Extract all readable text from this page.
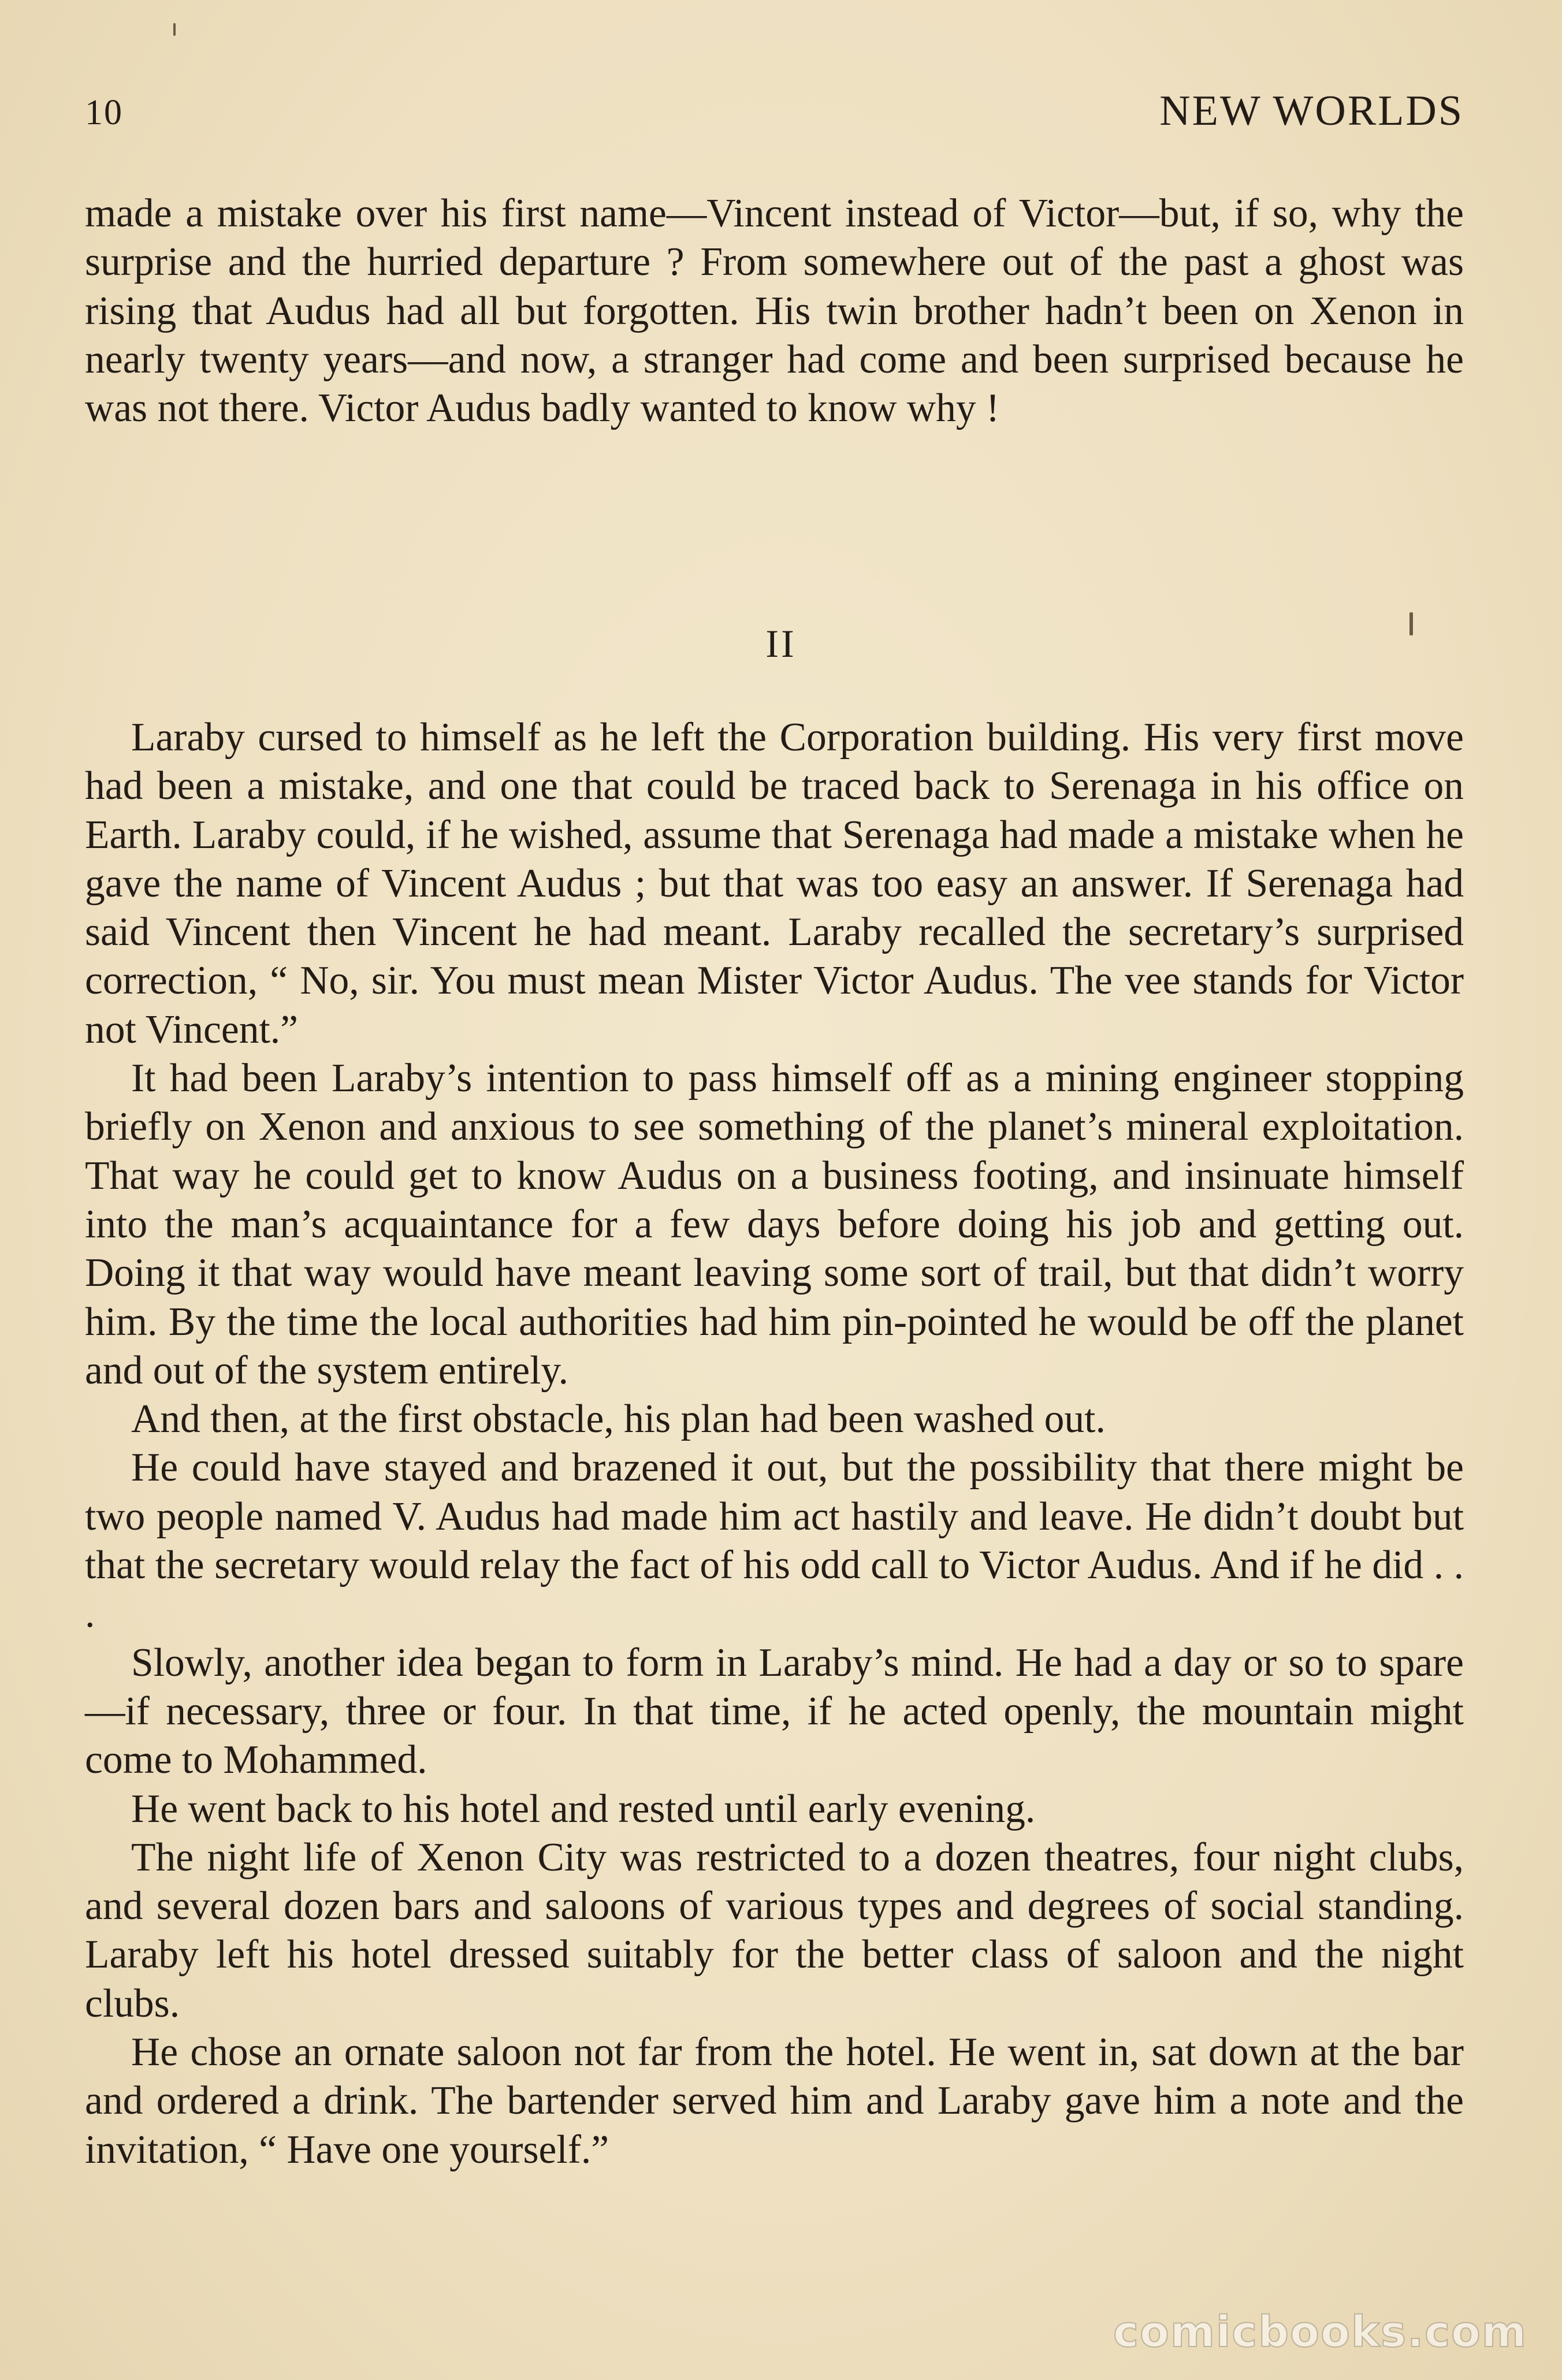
10	NEW WORLDS

made a mistake over his first name—Vincent instead of Victor—but, if so, why the surprise and the hurried departure ? From somewhere out of the past a ghost was rising that Audus had all but forgotten. His twin brother hadn’t been on Xenon in nearly twenty years—and now, a stranger had come and been surprised because he was not there. Victor Audus badly wanted to know why !

II

Laraby cursed to himself as he left the Corporation building. His very first move had been a mistake, and one that could be traced back to Serenaga in his office on Earth. Laraby could, if he wished, assume that Serenaga had made a mistake when he gave the name of Vincent Audus ; but that was too easy an answer. If Serenaga had said Vincent then Vincent he had meant. Laraby recalled the secretary’s surprised correction, “ No, sir. You must mean Mister Victor Audus. The vee stands for Victor not Vincent.”

It had been Laraby’s intention to pass himself off as a mining engineer stopping briefly on Xenon and anxious to see something of the planet’s mineral exploitation. That way he could get to know Audus on a business footing, and insinuate himself into the man’s acquaintance for a few days before doing his job and getting out. Doing it that way would have meant leaving some sort of trail, but that didn’t worry him. By the time the local authorities had him pin-pointed he would be off the planet and out of the system entirely.

And then, at the first obstacle, his plan had been washed out.

He could have stayed and brazened it out, but the possibility that there might be two people named V. Audus had made him act hastily and leave. He didn’t doubt but that the secretary would relay the fact of his odd call to Victor Audus. And if he did . . .

Slowly, another idea began to form in Laraby’s mind. He had a day or so to spare—if necessary, three or four. In that time, if he acted openly, the mountain might come to Mohammed.

He went back to his hotel and rested until early evening.

The night life of Xenon City was restricted to a dozen theatres, four night clubs, and several dozen bars and saloons of various types and degrees of social standing. Laraby left his hotel dressed suitably for the better class of saloon and the night clubs.

He chose an ornate saloon not far from the hotel. He went in, sat down at the bar and ordered a drink. The bartender served him and Laraby gave him a note and the invitation, “ Have one yourself.”

comicbooks.com
